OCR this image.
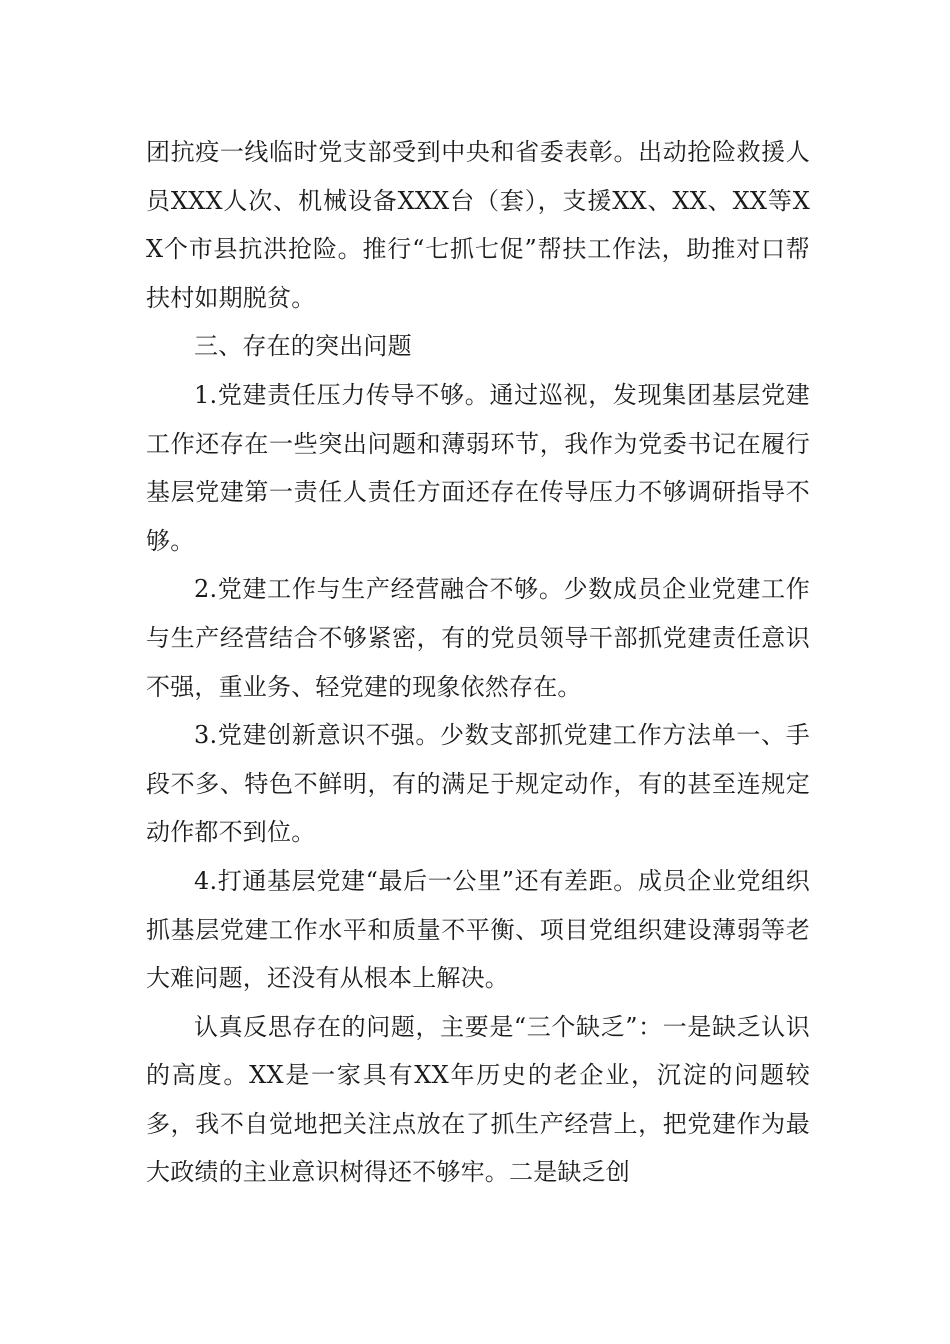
团抗疫一线临时党支部受到中央和省委表彰。出动抢险救援人员XXX人次、机械设备XXX台（套），支援XX、XX、XX等XX个市县抗洪抢险。推行“七抓七促”帮扶工作法，助推对口帮扶村如期脱贫。

三、存在的突出问题

1.党建责任压力传导不够。通过巡视，发现集团基层党建工作还存在一些突出问题和薄弱环节，我作为党委书记在履行基层党建第一责任人责任方面还存在传导压力不够调研指导不够。

2.党建工作与生产经营融合不够。少数成员企业党建工作与生产经营结合不够紧密，有的党员领导干部抓党建责任意识不强，重业务、轻党建的现象依然存在。

3.党建创新意识不强。少数支部抓党建工作方法单一、手段不多、特色不鲜明，有的满足于规定动作，有的甚至连规定动作都不到位。

4.打通基层党建“最后一公里”还有差距。成员企业党组织抓基层党建工作水平和质量不平衡、项目党组织建设薄弱等老大难问题，还没有从根本上解决。

认真反思存在的问题，主要是“三个缺乏”：一是缺乏认识的高度。XX是一家具有XX年历史的老企业，沉淀的问题较多，我不自觉地把关注点放在了抓生产经营上，把党建作为最大政绩的主业意识树得还不够牢。二是缺乏创
